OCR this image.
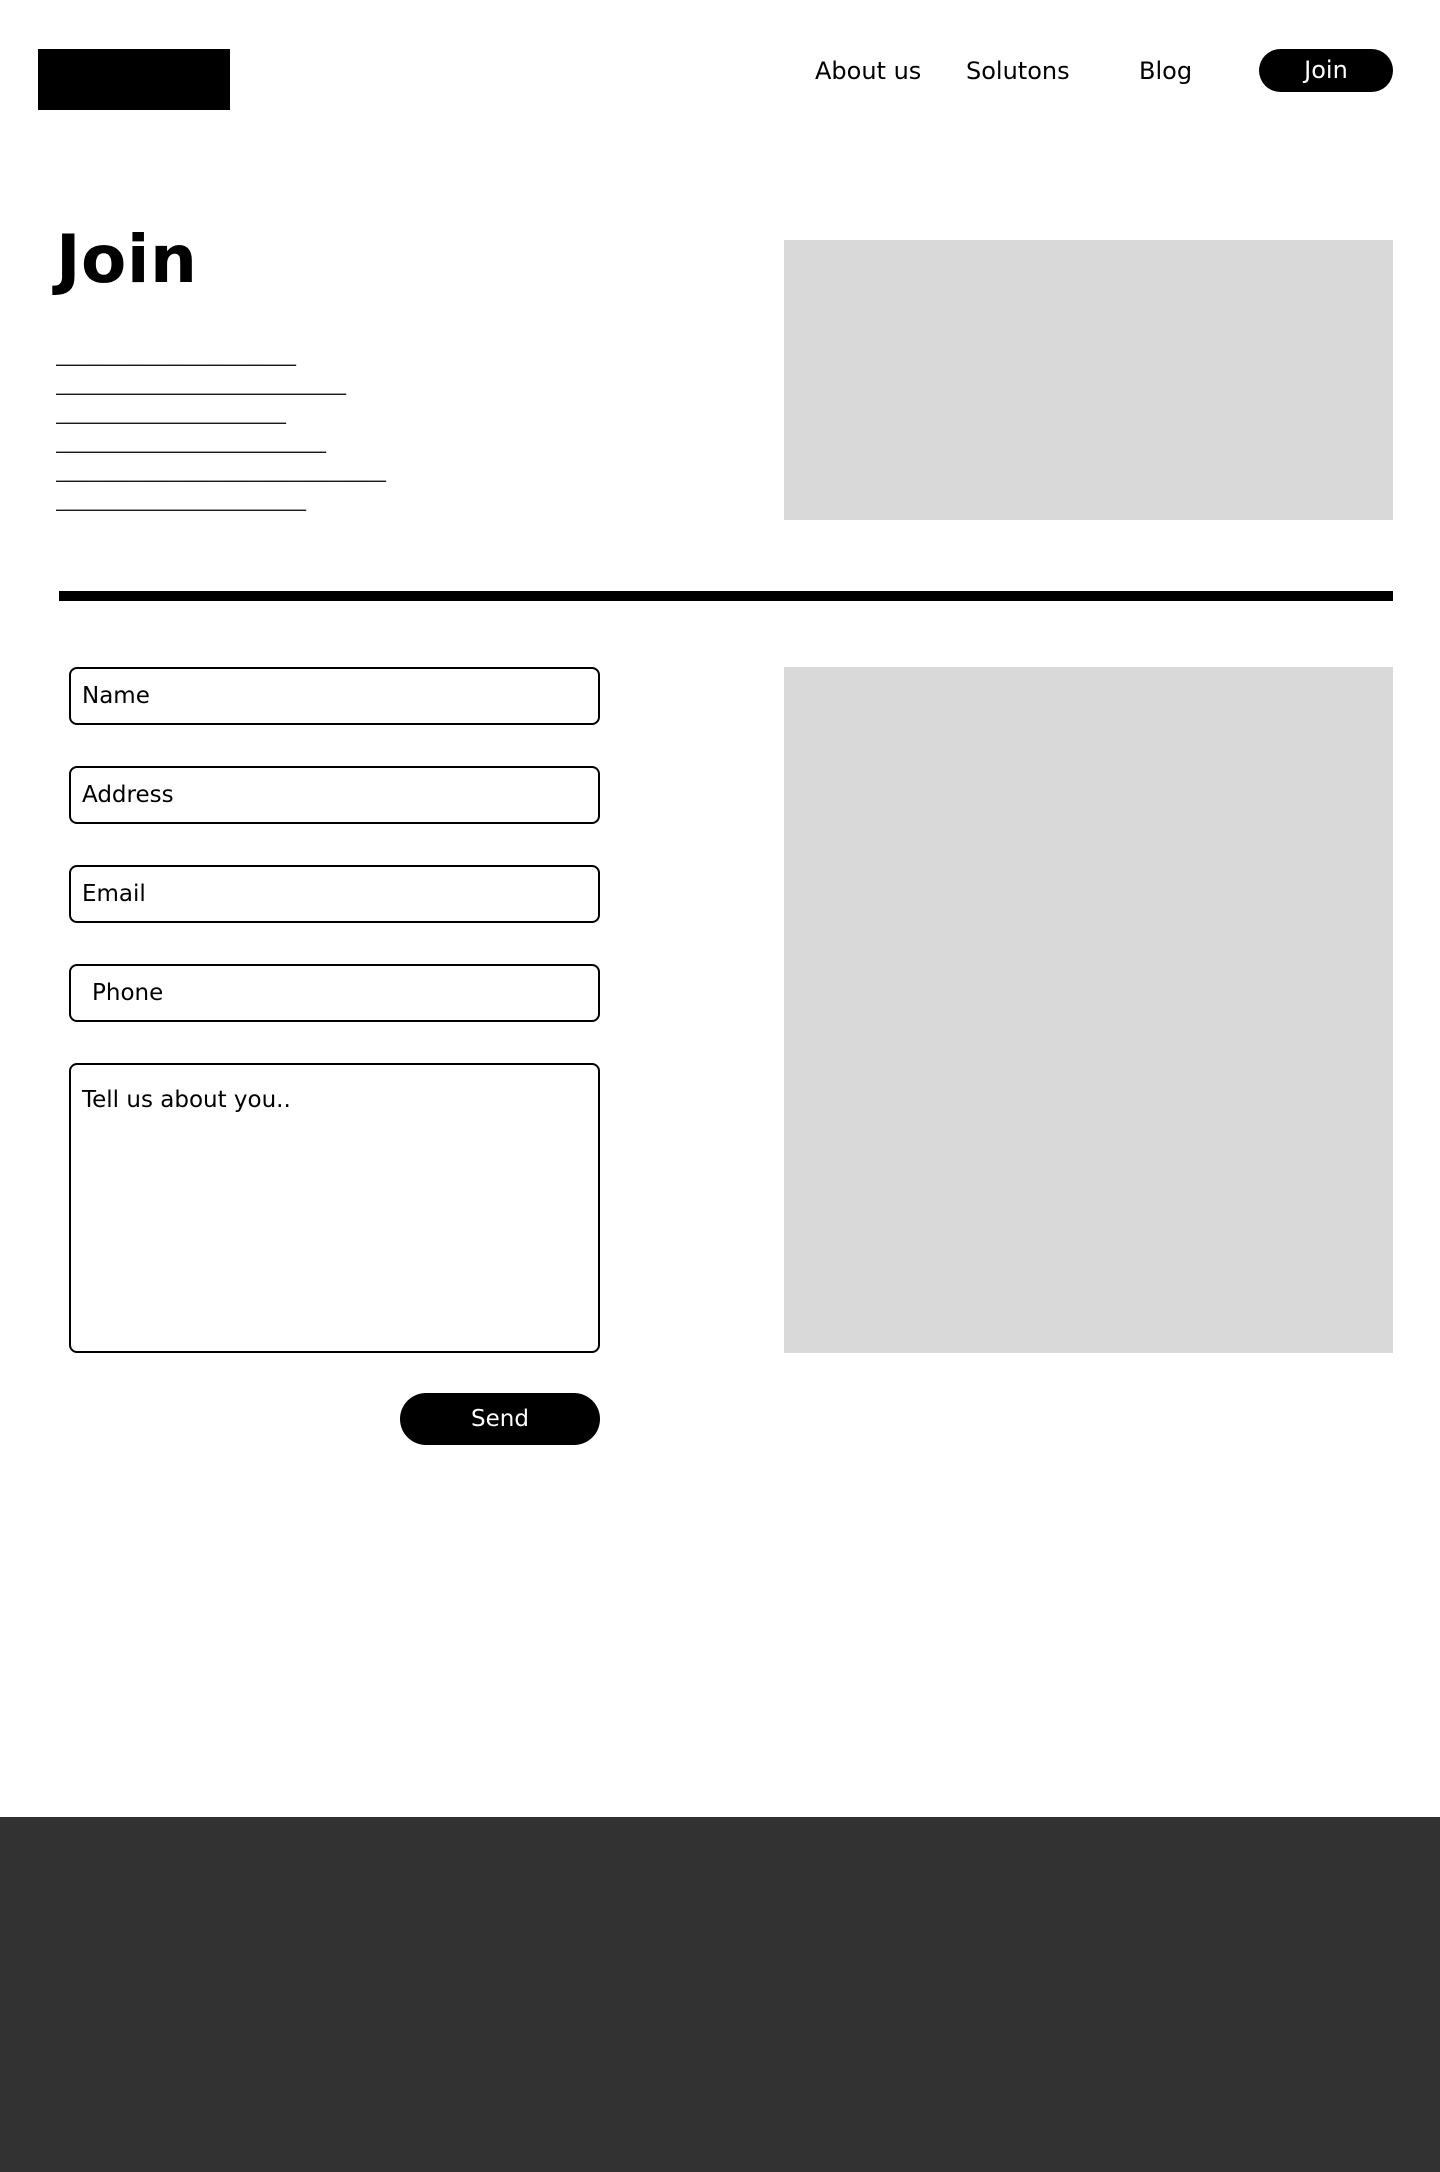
About us Solutons	Blog	Join
Join
________________________
_____________________________
_______________________
___________________________
_________________________________
_________________________
Name
Address
Email
Phone
Tell us about you..
Send
